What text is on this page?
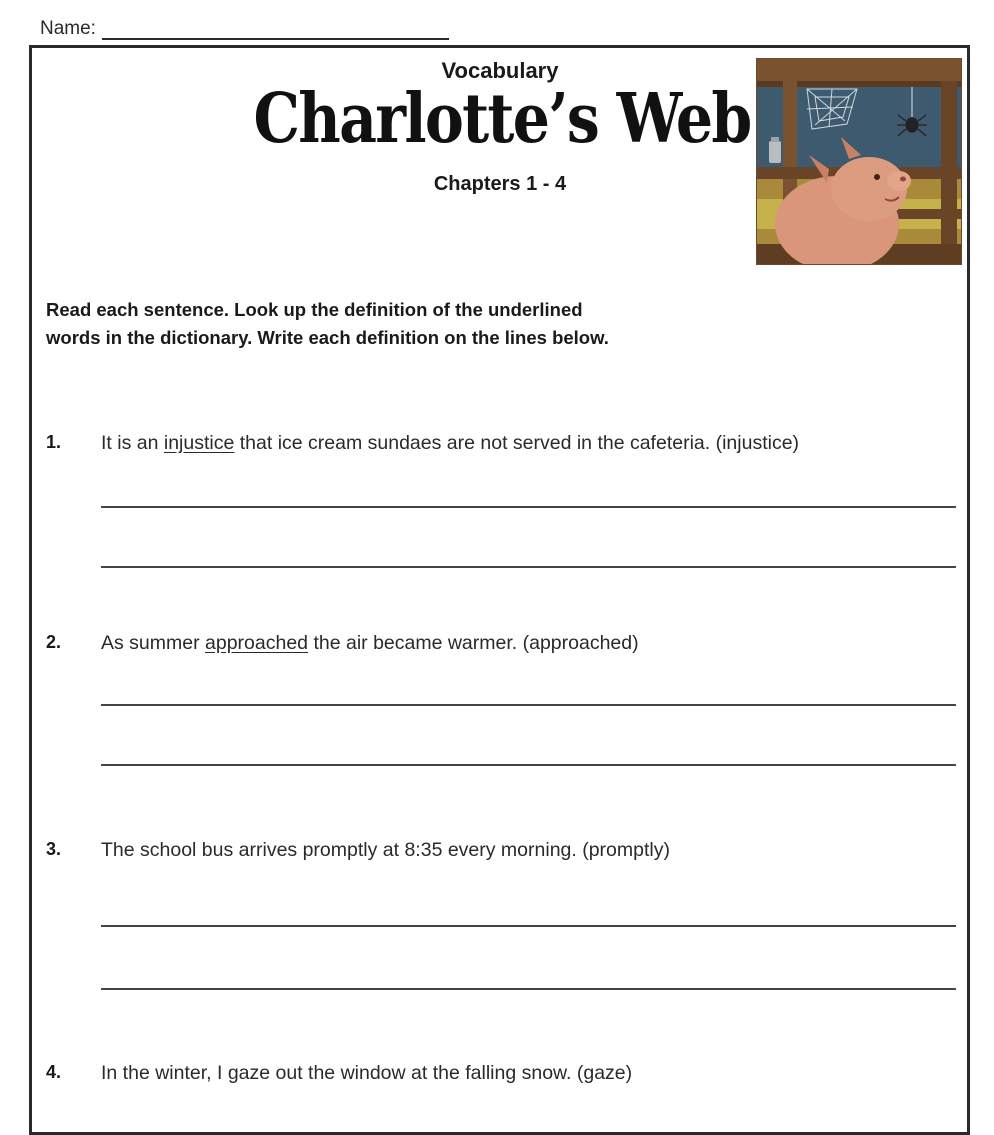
Name:
Vocabulary
Charlotte’s Web
Chapters 1 - 4
Read each sentence. Look up the definition of the underlined
words in the dictionary. Write each definition on the lines below.
1. It is an injustice that ice cream sundaes are not served in the cafeteria. (injustice)
2. As summer approached the air became warmer. (approached)
3. The school bus arrives promptly at 8:35 every morning. (promptly)
4. In the winter, I gaze out the window at the falling snow. (gaze)
